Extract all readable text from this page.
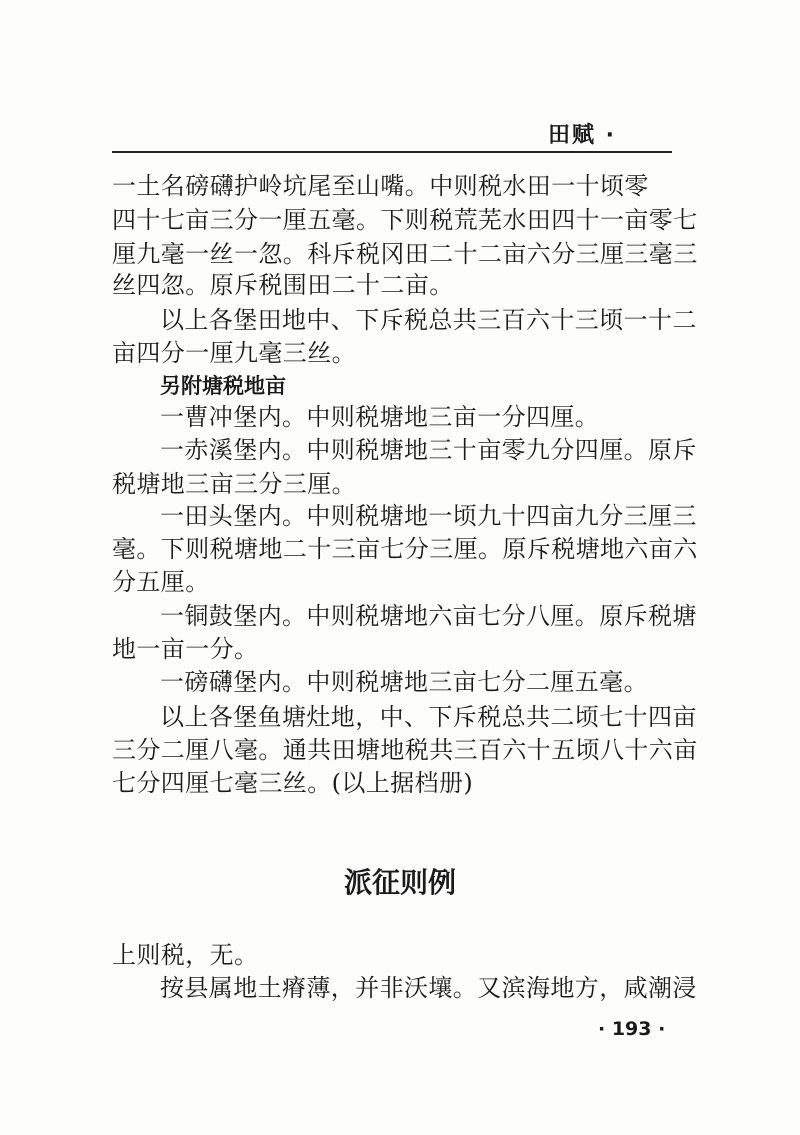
田赋 ·
一土名磅礴护岭坑尾至山嘴。中则税水田一十顷零
四十七亩三分一厘五毫。下则税荒芜水田四十一亩零七
厘九毫一丝一忽。科斥税冈田二十二亩六分三厘三毫三
丝四忽。原斥税围田二十二亩。
以上各堡田地中、下斥税总共三百六十三顷一十二
亩四分一厘九毫三丝。
另附塘税地亩
一曹冲堡内。中则税塘地三亩一分四厘。
一赤溪堡内。中则税塘地三十亩零九分四厘。原斥
税塘地三亩三分三厘。
一田头堡内。中则税塘地一顷九十四亩九分三厘三
毫。下则税塘地二十三亩七分三厘。原斥税塘地六亩六
分五厘。
一铜鼓堡内。中则税塘地六亩七分八厘。原斥税塘
地一亩一分。
一磅礴堡内。中则税塘地三亩七分二厘五毫。
以上各堡鱼塘灶地，中、下斥税总共二顷七十四亩
三分二厘八毫。通共田塘地税共三百六十五顷八十六亩
七分四厘七毫三丝。(以上据档册)
派征则例
上则税，无。
按县属地土瘠薄，并非沃壤。又滨海地方，咸潮浸
· 193 ·
